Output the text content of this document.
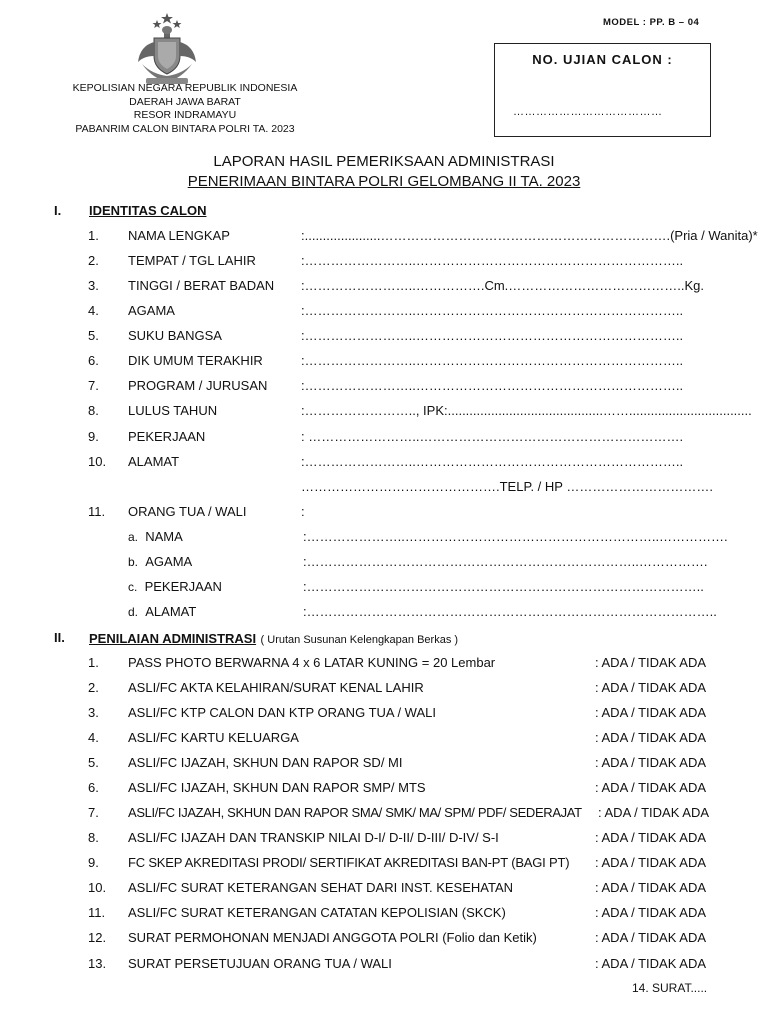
MODEL : PP. B – 04
KEPOLISIAN NEGARA REPUBLIK INDONESIA
DAERAH JAWA BARAT
RESOR INDRAMAYU
PABANRIM CALON BINTARA POLRI TA. 2023
NO. UJIAN CALON :
…………………………………
LAPORAN HASIL PEMERIKSAAN ADMINISTRASI
PENERIMAAN BINTARA POLRI GELOMBANG II TA. 2023
I. IDENTITAS CALON
1. NAMA LENGKAP	:.....................………………………………………………………….(Pria / Wanita)*
2. TEMPAT / TGL LAHIR	:……………………..……………………………………………………..
3. TINGGI / BERAT BADAN :……………………..…………….Cm.…………………………………..Kg.
4. AGAMA	:……………………..……………………………………………………..
5. SUKU BANGSA	:……………………..……………………………………………………..
6. DIK UMUM TERAKHIR	:……………………..……………………………………………………..
7. PROGRAM / JURUSAN	:……………………..……………………………………………………..
8. LULUS TAHUN	:…………………….., IPK:...........................................……..................................
9. PEKERJAAN	: ……………………..…………………………………………………….
10. ALAMAT	:……………………..……………………………………………………..
……………………………………….TELP. / HP …………………………….
11. ORANG TUA / WALI	:
a. NAMA	:…………………..…………………………………………………..…………….
b. AGAMA	:…………………………………………………………………..…………….
c. PEKERJAAN	:………………………………………………………………………………..
d. ALAMAT	:…………………………………………………………………………………..
II. PENILAIAN ADMINISTRASI ( Urutan Susunan Kelengkapan Berkas )
1. PASS PHOTO BERWARNA 4 x 6 LATAR KUNING = 20 Lembar	: ADA / TIDAK ADA
2. ASLI/FC AKTA KELAHIRAN/SURAT KENAL LAHIR	: ADA / TIDAK ADA
3. ASLI/FC KTP CALON DAN KTP ORANG TUA / WALI	: ADA / TIDAK ADA
4. ASLI/FC KARTU KELUARGA	: ADA / TIDAK ADA
5. ASLI/FC IJAZAH, SKHUN DAN RAPOR SD/ MI	: ADA / TIDAK ADA
6. ASLI/FC IJAZAH, SKHUN DAN RAPOR SMP/ MTS	: ADA / TIDAK ADA
7. ASLI/FC IJAZAH, SKHUN DAN RAPOR SMA/ SMK/ MA/ SPM/ PDF/ SEDERAJAT : ADA / TIDAK ADA
8. ASLI/FC IJAZAH DAN TRANSKIP NILAI D-I/ D-II/ D-III/ D-IV/ S-I	: ADA / TIDAK ADA
9. FC SKEP AKREDITASI PRODI/ SERTIFIKAT AKREDITASI BAN-PT (BAGI PT) : ADA / TIDAK ADA
10. ASLI/FC SURAT KETERANGAN SEHAT DARI INST. KESEHATAN	: ADA / TIDAK ADA
11. ASLI/FC SURAT KETERANGAN CATATAN KEPOLISIAN (SKCK)	: ADA / TIDAK ADA
12. SURAT PERMOHONAN MENJADI ANGGOTA POLRI (Folio dan Ketik)	: ADA / TIDAK ADA
13. SURAT PERSETUJUAN ORANG TUA / WALI	: ADA / TIDAK ADA
14. SURAT.....
